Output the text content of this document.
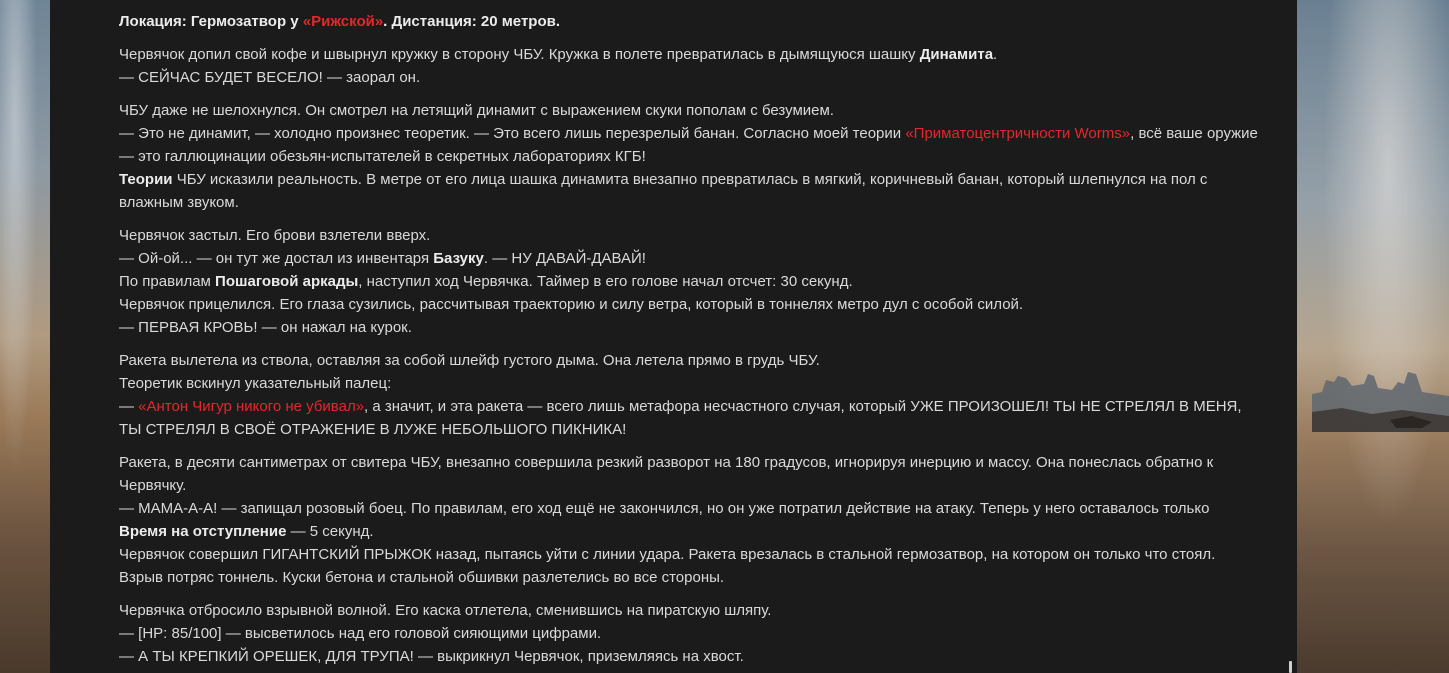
Локация: Гермозатвор у «Рижской». Дистанция: 20 метров.

Червячок допил свой кофе и швырнул кружку в сторону ЧБУ. Кружка в полете превратилась в дымящуюся шашку Динамита.
— СЕЙЧАС БУДЕТ ВЕСЕЛО! — заорал он.

ЧБУ даже не шелохнулся. Он смотрел на летящий динамит с выражением скуки пополам с безумием.
— Это не динамит, — холодно произнес теоретик. — Это всего лишь перезрелый банан. Согласно моей теории «Приматоцентричности Worms», всё ваше оружие — это галлюцинации обезьян-испытателей в секретных лабораториях КГБ!
Теории ЧБУ исказили реальность. В метре от его лица шашка динамита внезапно превратилась в мягкий, коричневый банан, который шлепнулся на пол с влажным звуком.

Червячок застыл. Его брови взлетели вверх.
— Ой-ой... — он тут же достал из инвентаря Базуку. — НУ ДАВАЙ-ДАВАЙ!
По правилам Пошаговой аркады, наступил ход Червячка. Таймер в его голове начал отсчет: 30 секунд.
Червячок прицелился. Его глаза сузились, рассчитывая траекторию и силу ветра, который в тоннелях метро дул с особой силой.
— ПЕРВАЯ КРОВЬ! — он нажал на курок.

Ракета вылетела из ствола, оставляя за собой шлейф густого дыма. Она летела прямо в грудь ЧБУ.
Теоретик вскинул указательный палец:
— «Антон Чигур никого не убивал», а значит, и эта ракета — всего лишь метафора несчастного случая, который УЖЕ ПРОИЗОШЕЛ! ТЫ НЕ СТРЕЛЯЛ В МЕНЯ, ТЫ СТРЕЛЯЛ В СВОЁ ОТРАЖЕНИЕ В ЛУЖЕ НЕБОЛЬШОГО ПИКНИКА!

Ракета, в десяти сантиметрах от свитера ЧБУ, внезапно совершила резкий разворот на 180 градусов, игнорируя инерцию и массу. Она понеслась обратно к Червячку.
— МАМА-А-А! — запищал розовый боец. По правилам, его ход ещё не закончился, но он уже потратил действие на атаку. Теперь у него оставалось только Время на отступление — 5 секунд.
Червячок совершил ГИГАНТСКИЙ ПРЫЖОК назад, пытаясь уйти с линии удара. Ракета врезалась в стальной гермозатвор, на котором он только что стоял. Взрыв потряс тоннель. Куски бетона и стальной обшивки разлетелись во все стороны.

Червячка отбросило взрывной волной. Его каска отлетела, сменившись на пиратскую шляпу.
— [HP: 85/100] — высветилось над его головой сияющими цифрами.
— А ТЫ КРЕПКИЙ ОРЕШЕК, ДЛЯ ТРУПА! — выкрикнул Червячок, приземляясь на хвост.
